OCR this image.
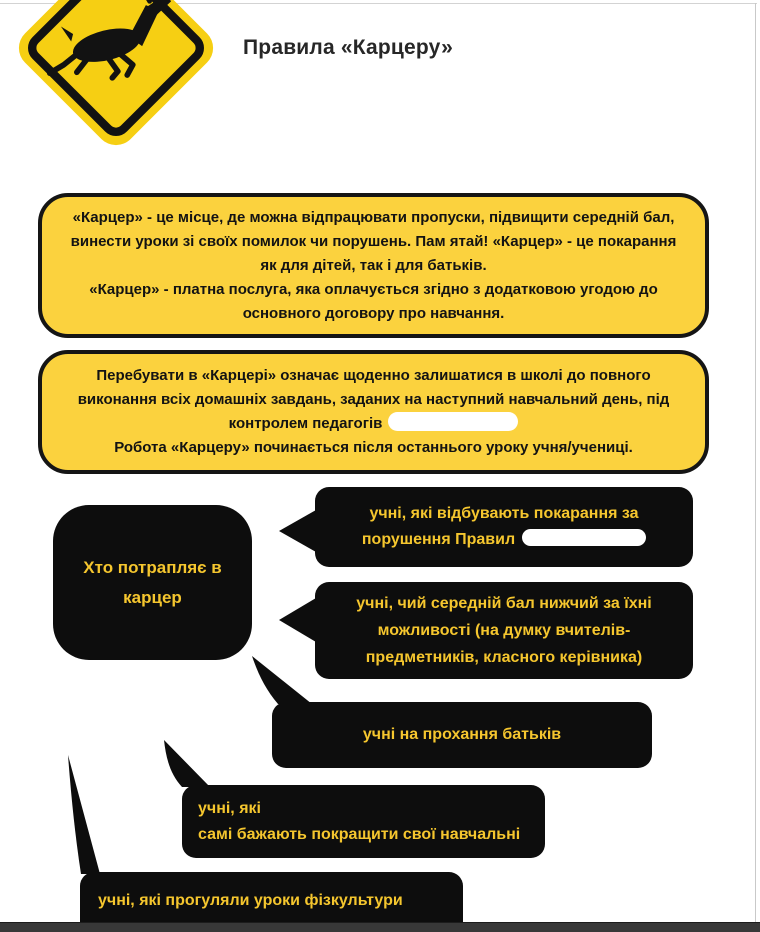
Правила «Карцеру»

«Карцер» - це місце, де можна відпрацювати пропуски, підвищити середній бал, винести уроки зі своїх помилок чи порушень. Пам ятай! «Карцер» - це покарання як для дітей, так і для батьків.

«Карцер» - платна послуга, яка оплачується згідно з додатковою угодою до основного договору про навчання.

Перебувати в «Карцері» означає щоденно залишатися в школі до повного виконання всіх домашніх завдань, заданих на наступний навчальний день, під контролем педагогів

Робота «Карцеру» починається після останнього уроку учня/учениці.

Хто потрапляє в карцер
учні, які відбувають покарання за порушення Правил
учні, чий середній бал нижчий за їхні можливості (на думку вчителів-предметників, класного керівника)
учні на прохання батьків
учні, які
самі бажають покращити свої навчальні
учні, які прогуляли уроки фізкультури
